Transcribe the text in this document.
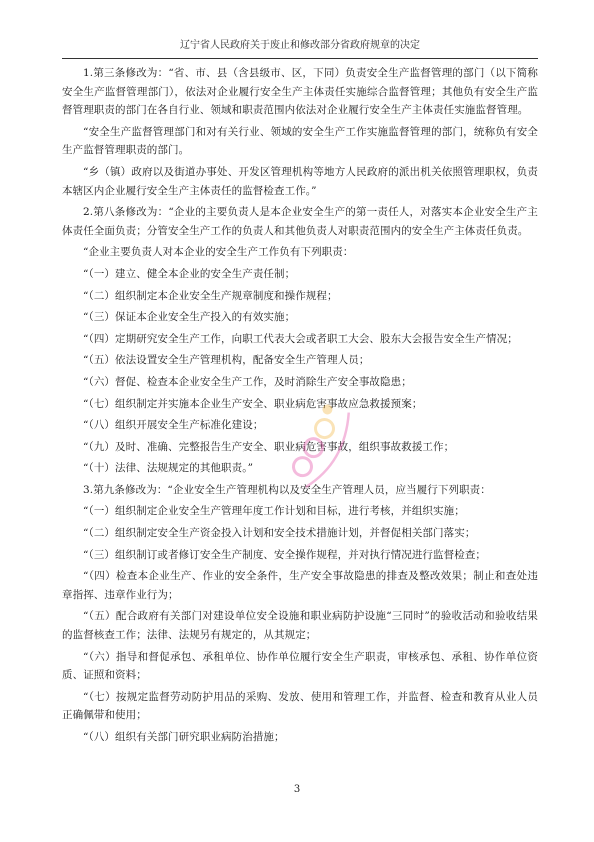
辽宁省人民政府关于废止和修改部分省政府规章的决定

1.第三条修改为：“省、市、县（含县级市、区，下同）负责安全生产监督管理的部门（以下简称安全生产监督管理部门），依法对企业履行安全生产主体责任实施综合监督管理；其他负有安全生产监督管理职责的部门在各自行业、领域和职责范围内依法对企业履行安全生产主体责任实施监督管理。

“安全生产监督管理部门和对有关行业、领域的安全生产工作实施监督管理的部门，统称负有安全生产监督管理职责的部门。

“乡（镇）政府以及街道办事处、开发区管理机构等地方人民政府的派出机关依照管理职权，负责本辖区内企业履行安全生产主体责任的监督检查工作。”

2.第八条修改为：“企业的主要负责人是本企业安全生产的第一责任人，对落实本企业安全生产主体责任全面负责；分管安全生产工作的负责人和其他负责人对职责范围内的安全生产主体责任负责。

“企业主要负责人对本企业的安全生产工作负有下列职责：

“（一）建立、健全本企业的安全生产责任制；

“（二）组织制定本企业安全生产规章制度和操作规程；

“（三）保证本企业安全生产投入的有效实施；

“（四）定期研究安全生产工作，向职工代表大会或者职工大会、股东大会报告安全生产情况；

“（五）依法设置安全生产管理机构，配备安全生产管理人员；

“（六）督促、检查本企业安全生产工作，及时消除生产安全事故隐患；

“（七）组织制定并实施本企业生产安全、职业病危害事故应急救援预案；

“（八）组织开展安全生产标准化建设；

“（九）及时、准确、完整报告生产安全、职业病危害事故，组织事故救援工作；

“（十）法律、法规规定的其他职责。”

3.第九条修改为：“企业安全生产管理机构以及安全生产管理人员，应当履行下列职责：

“（一）组织制定企业安全生产管理年度工作计划和目标，进行考核，并组织实施；

“（二）组织制定安全生产资金投入计划和安全技术措施计划，并督促相关部门落实；

“（三）组织制订或者修订安全生产制度、安全操作规程，并对执行情况进行监督检查；

“（四）检查本企业生产、作业的安全条件，生产安全事故隐患的排查及整改效果；制止和查处违章指挥、违章作业行为；

“（五）配合政府有关部门对建设单位安全设施和职业病防护设施“三同时”的验收活动和验收结果的监督核查工作；法律、法规另有规定的，从其规定；

“（六）指导和督促承包、承租单位、协作单位履行安全生产职责，审核承包、承租、协作单位资质、证照和资料；

“（七）按规定监督劳动防护用品的采购、发放、使用和管理工作，并监督、检查和教育从业人员正确佩带和使用；

“（八）组织有关部门研究职业病防治措施；

3
